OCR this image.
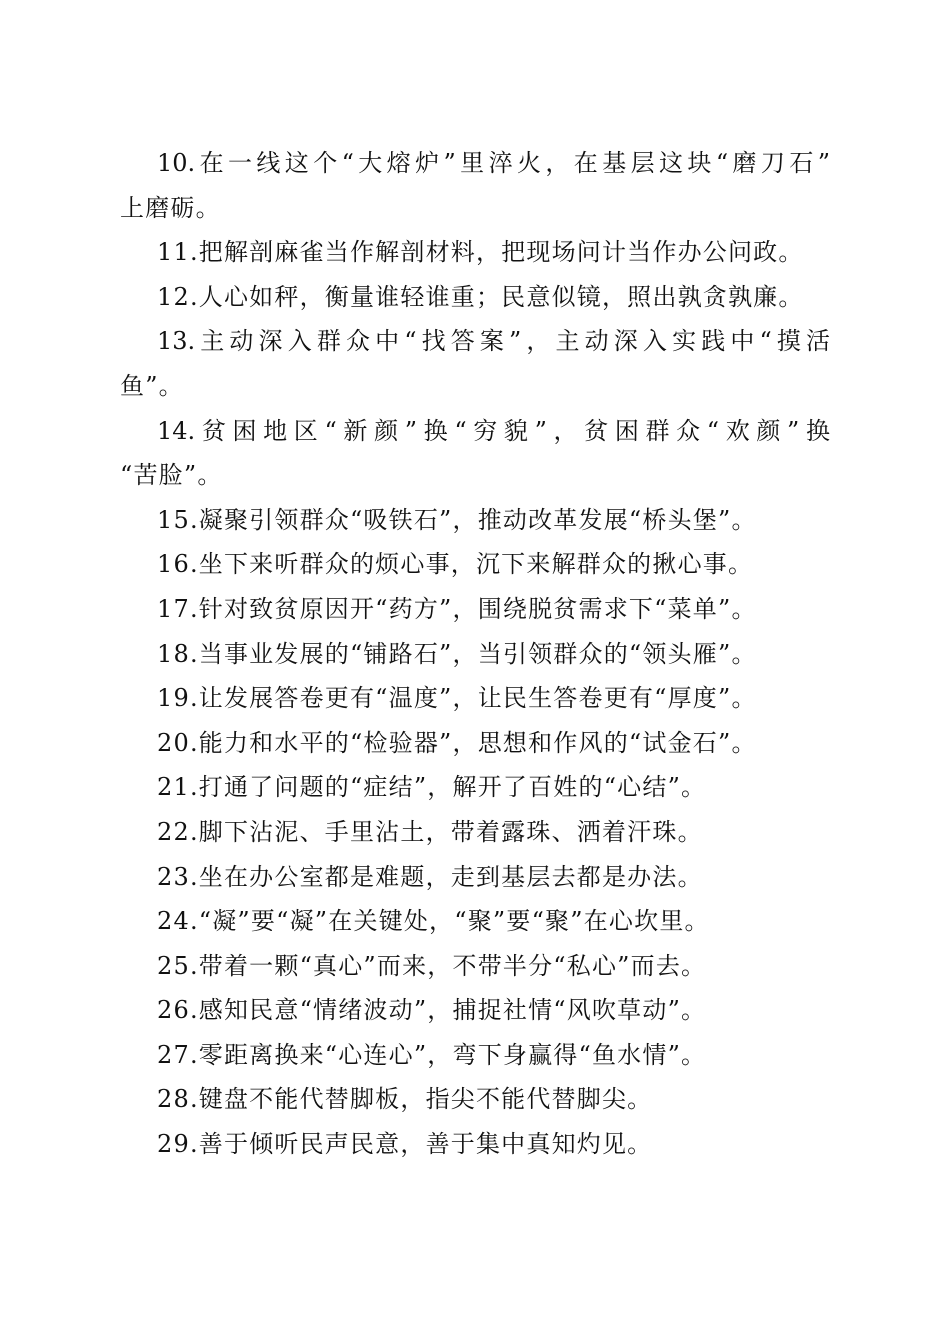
10.在一线这个“大熔炉”里淬火，在基层这块“磨刀石”
上磨砺。
11.把解剖麻雀当作解剖材料，把现场问计当作办公问政。
12.人心如秤，衡量谁轻谁重；民意似镜，照出孰贪孰廉。
13.主动深入群众中“找答案”，主动深入实践中“摸活
鱼”。
14.贫困地区“新颜”换“穷貌”，贫困群众“欢颜”换
“苦脸”。
15.凝聚引领群众“吸铁石”，推动改革发展“桥头堡”。
16.坐下来听群众的烦心事，沉下来解群众的揪心事。
17.针对致贫原因开“药方”，围绕脱贫需求下“菜单”。
18.当事业发展的“铺路石”，当引领群众的“领头雁”。
19.让发展答卷更有“温度”，让民生答卷更有“厚度”。
20.能力和水平的“检验器”，思想和作风的“试金石”。
21.打通了问题的“症结”，解开了百姓的“心结”。
22.脚下沾泥、手里沾土，带着露珠、洒着汗珠。
23.坐在办公室都是难题，走到基层去都是办法。
24.“凝”要“凝”在关键处，“聚”要“聚”在心坎里。
25.带着一颗“真心”而来，不带半分“私心”而去。
26.感知民意“情绪波动”，捕捉社情“风吹草动”。
27.零距离换来“心连心”，弯下身赢得“鱼水情”。
28.键盘不能代替脚板，指尖不能代替脚尖。
29.善于倾听民声民意，善于集中真知灼见。
